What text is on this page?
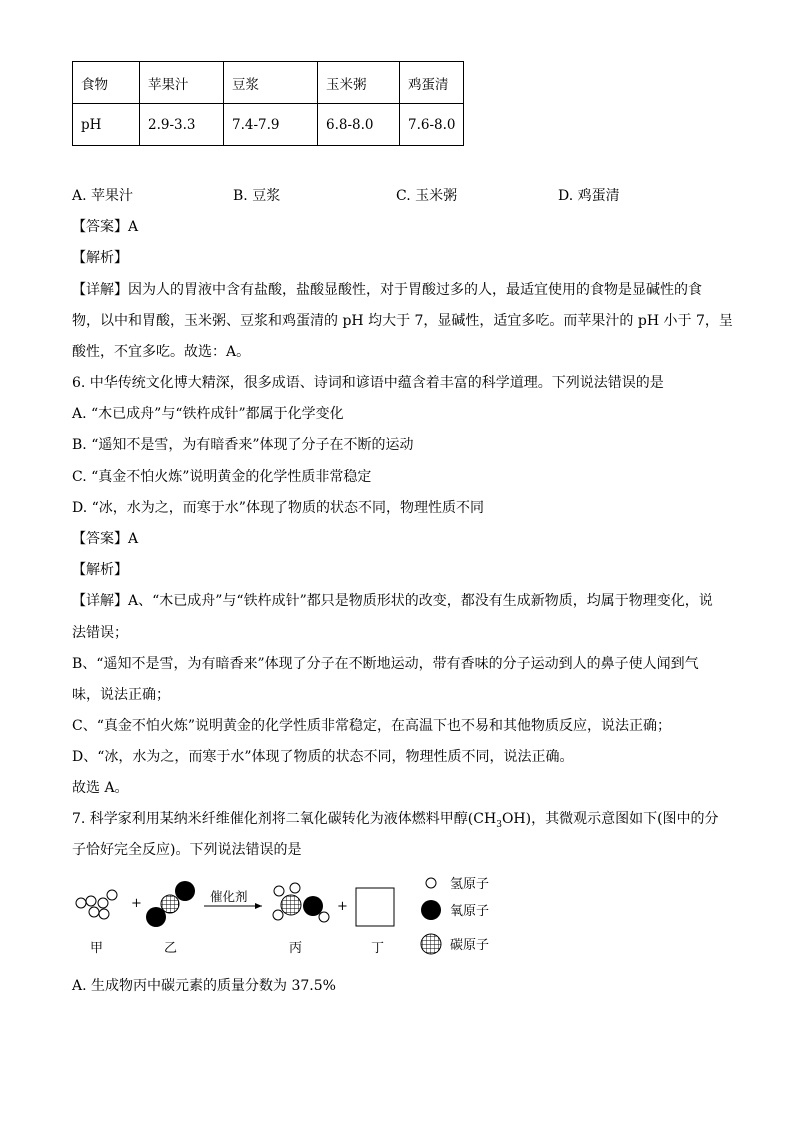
食物	苹果汁	豆浆	玉米粥	鸡蛋清
pH	2.9-3.3	7.4-7.9	6.8-8.0	7.6-8.0
A. 苹果汁	B. 豆浆	C. 玉米粥	D. 鸡蛋清
【答案】A
【解析】
【详解】因为人的胃液中含有盐酸，盐酸显酸性，对于胃酸过多的人，最适宜使用的食物是显碱性的食
物，以中和胃酸，玉米粥、豆浆和鸡蛋清的 pH 均大于 7，显碱性，适宜多吃。而苹果汁的 pH 小于 7，呈
酸性，不宜多吃。故选：A。
6. 中华传统文化博大精深，很多成语、诗词和谚语中蕴含着丰富的科学道理。下列说法错误的是
A. “木已成舟”与“铁杵成针”都属于化学变化
B. “遥知不是雪，为有暗香来”体现了分子在不断的运动
C. “真金不怕火炼”说明黄金的化学性质非常稳定
D. “冰，水为之，而寒于水”体现了物质的状态不同，物理性质不同
【答案】A
【解析】
【详解】A、“木已成舟”与“铁杵成针”都只是物质形状的改变，都没有生成新物质，均属于物理变化，说
法错误；
B、“遥知不是雪，为有暗香来”体现了分子在不断地运动，带有香味的分子运动到人的鼻子使人闻到气
味，说法正确；
C、“真金不怕火炼”说明黄金的化学性质非常稳定，在高温下也不易和其他物质反应，说法正确；
D、“冰，水为之，而寒于水”体现了物质的状态不同，物理性质不同，说法正确。
故选 A。
7. 科学家利用某纳米纤维催化剂将二氧化碳转化为液体燃料甲醇$(CH_3OH)$，其微观示意图如下(图中的分
子恰好完全反应)。下列说法错误的是
+	催化剂
+
甲	乙	丙	丁
氢原子
氧原子
碳原子
A. 生成物丙中碳元素的质量分数为 37.5%
